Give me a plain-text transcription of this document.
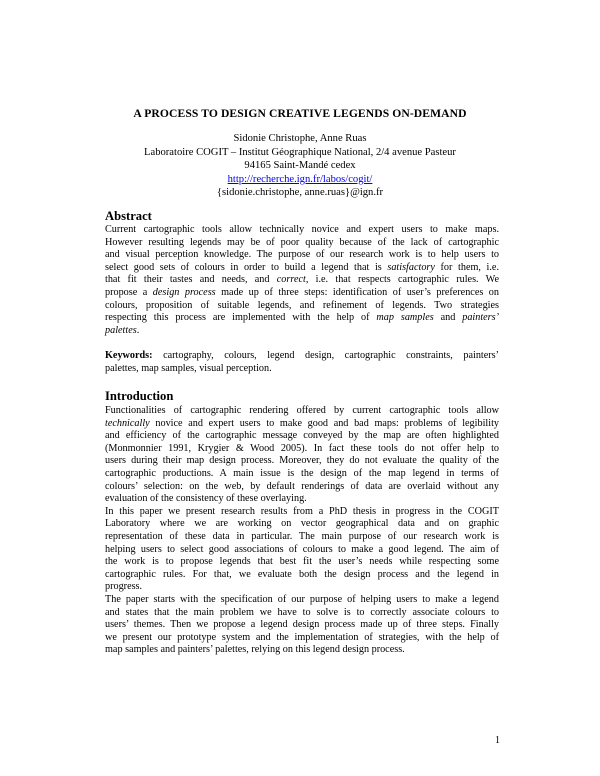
A PROCESS TO DESIGN CREATIVE LEGENDS ON-DEMAND
Sidonie Christophe, Anne Ruas
Laboratoire COGIT – Institut Géographique National, 2/4 avenue Pasteur
94165 Saint-Mandé cedex
http://recherche.ign.fr/labos/cogit/
{sidonie.christophe, anne.ruas}@ign.fr
Abstract
Current cartographic tools allow technically novice and expert users to make maps.
However resulting legends may be of poor quality because of the lack of cartographic
and visual perception knowledge. The purpose of our research work is to help users to
select good sets of colours in order to build a legend that is satisfactory for them, i.e.
that fit their tastes and needs, and correct, i.e. that respects cartographic rules. We
propose a design process made up of three steps: identification of user’s preferences on
colours, proposition of suitable legends, and refinement of legends. Two strategies
respecting this process are implemented with the help of map samples and painters’
palettes.
Keywords: cartography, colours, legend design, cartographic constraints, painters’
palettes, map samples, visual perception.
Introduction
Functionalities of cartographic rendering offered by current cartographic tools allow
technically novice and expert users to make good and bad maps: problems of legibility
and efficiency of the cartographic message conveyed by the map are often highlighted
(Monmonnier 1991, Krygier & Wood 2005). In fact these tools do not offer help to
users during their map design process. Moreover, they do not evaluate the quality of the
cartographic productions. A main issue is the design of the map legend in terms of
colours’ selection: on the web, by default renderings of data are overlaid without any
evaluation of the consistency of these overlaying.
In this paper we present research results from a PhD thesis in progress in the COGIT
Laboratory where we are working on vector geographical data and on graphic
representation of these data in particular. The main purpose of our research work is
helping users to select good associations of colours to make a good legend. The aim of
the work is to propose legends that best fit the user’s needs while respecting some
cartographic rules. For that, we evaluate both the design process and the legend in
progress.
The paper starts with the specification of our purpose of helping users to make a legend
and states that the main problem we have to solve is to correctly associate colours to
users’ themes. Then we propose a legend design process made up of three steps. Finally
we present our prototype system and the implementation of strategies, with the help of
map samples and painters’ palettes, relying on this legend design process.
1
